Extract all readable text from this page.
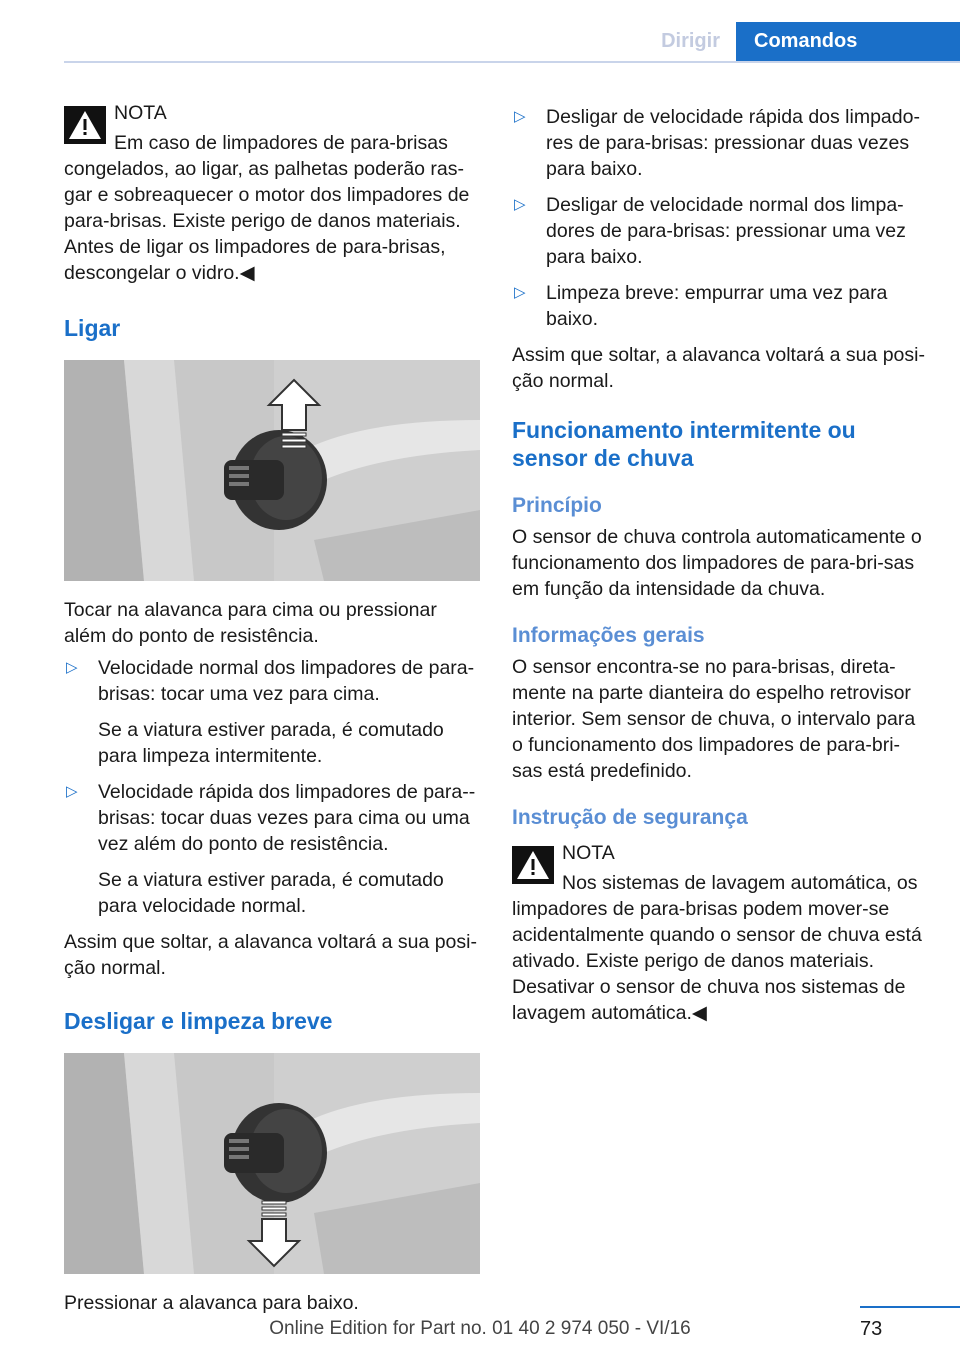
Dirigir	Comandos

NOTA

Em caso de limpadores de para-brisas

congelados, ao ligar, as palhetas poderão ras‐gar e sobreaquecer o motor dos limpadores de para-brisas. Existe perigo de danos materiais. Antes de ligar os limpadores de para-brisas, descongelar o vidro.◀

Ligar

Tocar na alavanca para cima ou pressionar além do ponto de resistência.

▷ Velocidade normal dos limpadores de para-brisas: tocar uma vez para cima.

Se a viatura estiver parada, é comutado para limpeza intermitente.

▷ Velocidade rápida dos limpadores de para-‐brisas: tocar duas vezes para cima ou uma vez além do ponto de resistência.

Se a viatura estiver parada, é comutado para velocidade normal.

Assim que soltar, a alavanca voltará a sua posi‐ção normal.

Desligar e limpeza breve

Pressionar a alavanca para baixo.

▷ Desligar de velocidade rápida dos limpado‐res de para-brisas: pressionar duas vezes para baixo.

▷ Desligar de velocidade normal dos limpa‐dores de para-brisas: pressionar uma vez para baixo.

▷ Limpeza breve: empurrar uma vez para baixo.

Assim que soltar, a alavanca voltará a sua posi‐ção normal.

Funcionamento intermitente ou sensor de chuva
Princípio

O sensor de chuva controla automaticamente o funcionamento dos limpadores de para-bri‐sas em função da intensidade da chuva.

Informações gerais

O sensor encontra-se no para-brisas, direta‐mente na parte dianteira do espelho retrovisor interior. Sem sensor de chuva, o intervalo para o funcionamento dos limpadores de para-bri‐sas está predefinido.

Instrução de segurança

NOTA

Nos sistemas de lavagem automática, os

limpadores de para-brisas podem mover-se acidentalmente quando o sensor de chuva está ativado. Existe perigo de danos materiais. Desativar o sensor de chuva nos sistemas de lavagem automática.◀

73
Online Edition for Part no. 01 40 2 974 050 - VI/16
